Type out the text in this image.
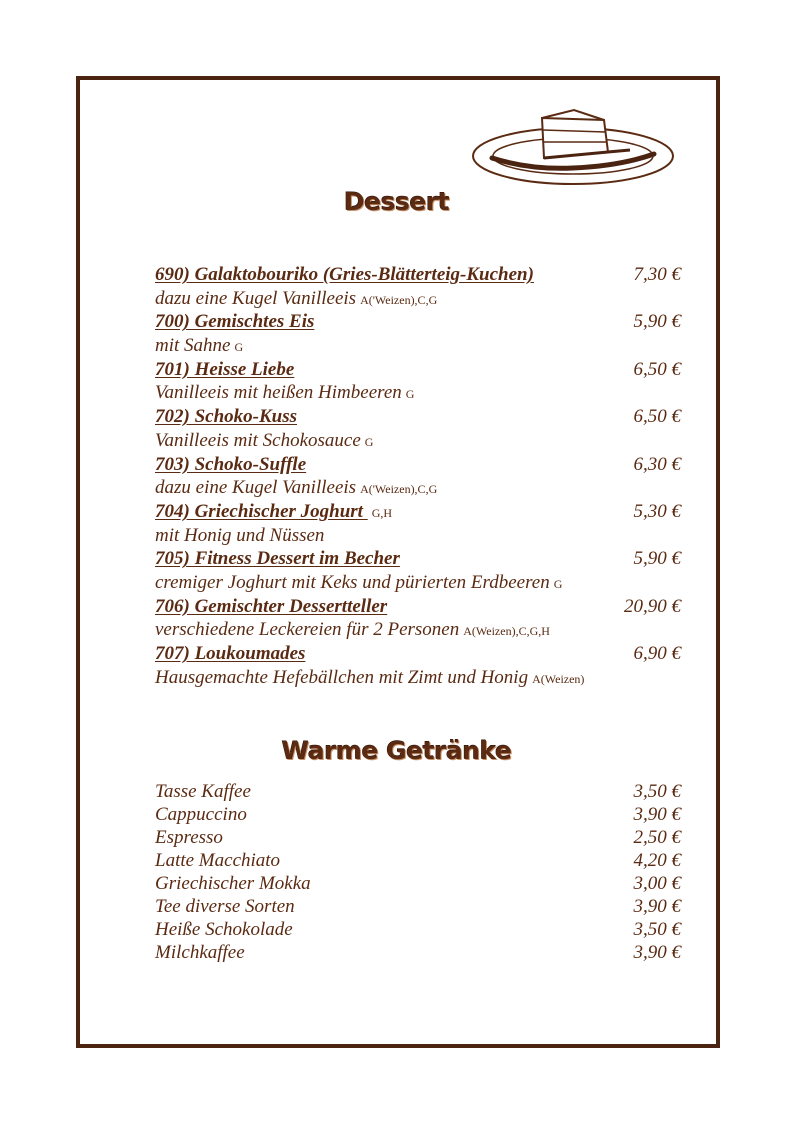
Dessert
690) Galaktobouriko (Gries-Blätterteig-Kuchen)	7,30 €
dazu eine Kugel Vanilleeis A('Weizen),C,G
700) Gemischtes Eis	5,90 €
mit Sahne G
701) Heisse Liebe	6,50 €
Vanilleeis mit heißen Himbeeren G
702) Schoko-Kuss	6,50 €
Vanilleeis mit Schokosauce G
703) Schoko-Suffle	6,30 €
dazu eine Kugel Vanilleeis A('Weizen),C,G
704) Griechischer Joghurt G,H	5,30 €
mit Honig und Nüssen
705) Fitness Dessert im Becher	5,90 €
cremiger Joghurt mit Keks und pürierten Erdbeeren G
706) Gemischter Dessertteller	20,90 €
verschiedene Leckereien für 2 Personen A(Weizen),C,G,H
707) Loukoumades	6,90 €
Hausgemachte Hefebällchen mit Zimt und Honig A(Weizen)
Warme Getränke
Tasse Kaffee	3,50 €
Cappuccino	3,90 €
Espresso	2,50 €
Latte Macchiato	4,20 €
Griechischer Mokka	3,00 €
Tee diverse Sorten	3,90 €
Heiße Schokolade	3,50 €
Milchkaffee	3,90 €
